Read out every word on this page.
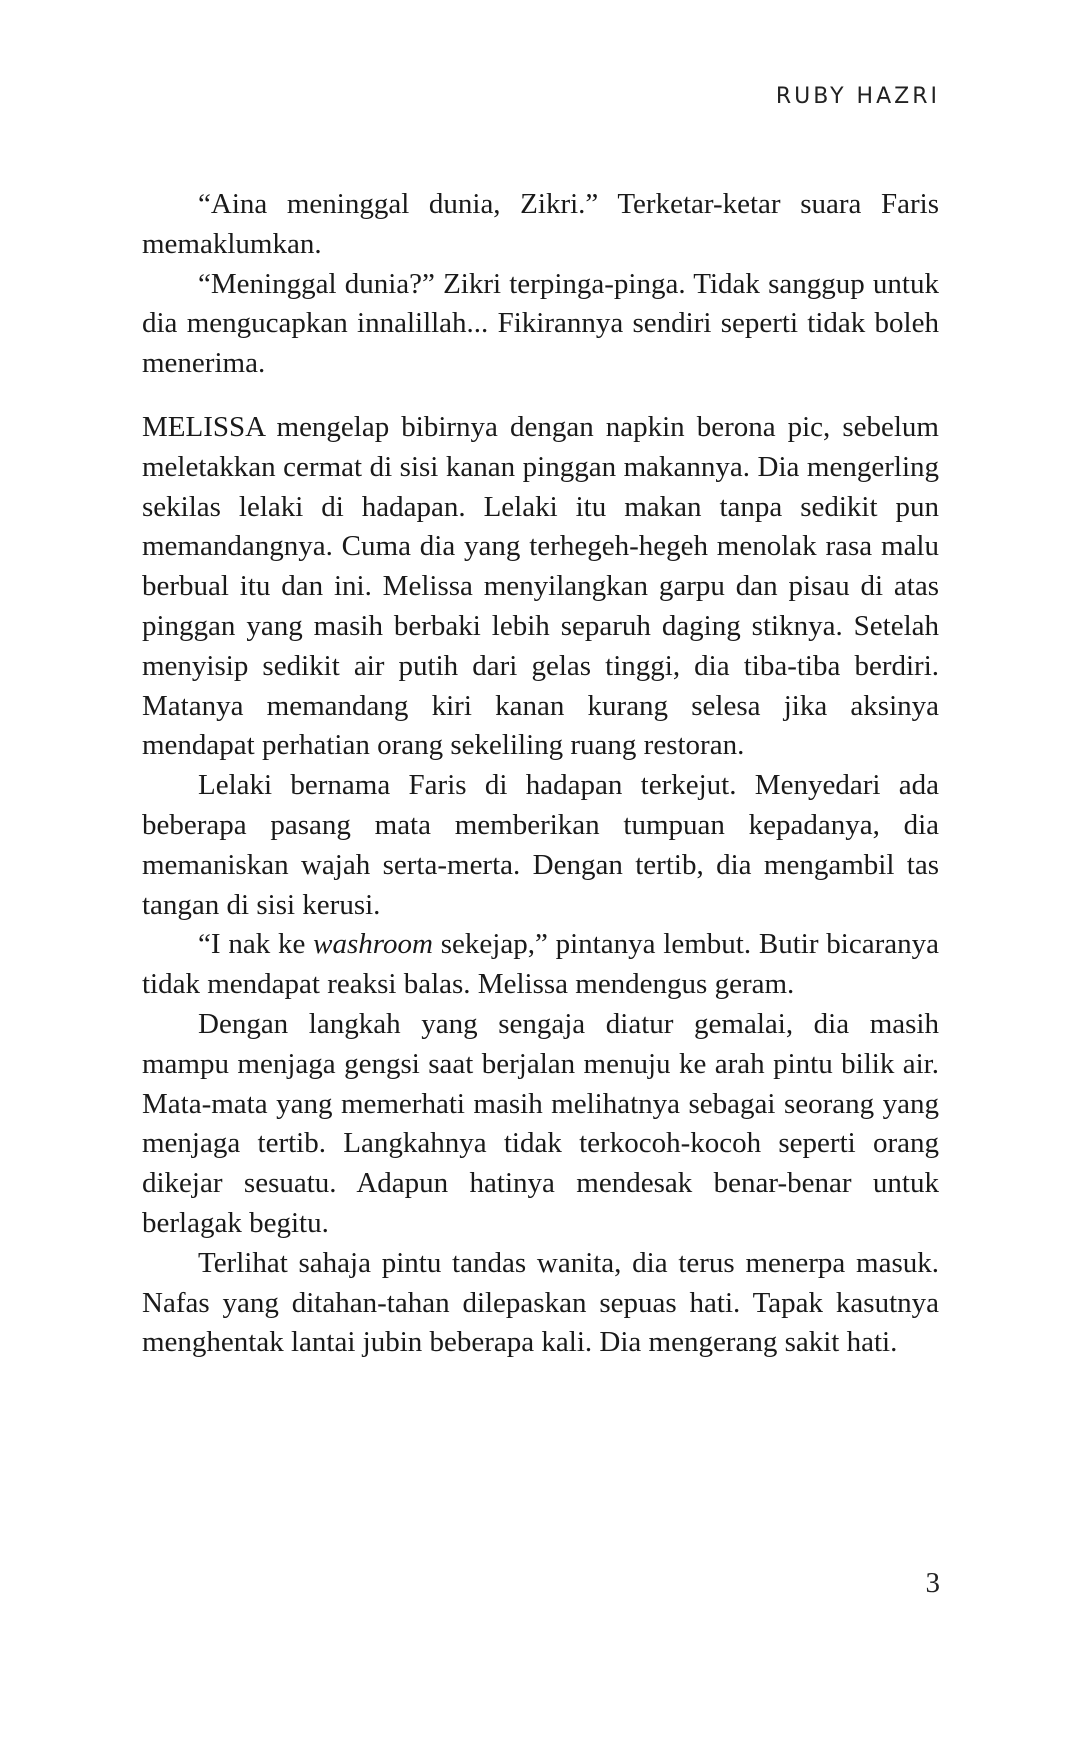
RUBY HAZRI

“Aina meninggal dunia, Zikri.” Terketar-ketar suara Faris memaklumkan.

“Meninggal dunia?” Zikri terpinga-pinga. Tidak sanggup untuk dia mengucapkan innalillah... Fikirannya sendiri seperti tidak boleh menerima.

MELISSA mengelap bibirnya dengan napkin berona pic, sebelum meletakkan cermat di sisi kanan pinggan makannya. Dia mengerling sekilas lelaki di hadapan. Lelaki itu makan tanpa sedikit pun memandangnya. Cuma dia yang terhegeh-hegeh menolak rasa malu berbual itu dan ini. Melissa menyilangkan garpu dan pisau di atas pinggan yang masih berbaki lebih separuh daging stiknya. Setelah menyisip sedikit air putih dari gelas tinggi, dia tiba-tiba berdiri. Matanya memandang kiri kanan kurang selesa jika aksinya mendapat perhatian orang sekeliling ruang restoran.

Lelaki bernama Faris di hadapan terkejut. Menyedari ada beberapa pasang mata memberikan tumpuan kepadanya, dia memaniskan wajah serta-merta. Dengan tertib, dia mengambil tas tangan di sisi kerusi.

“I nak ke washroom sekejap,” pintanya lembut. Butir bicaranya tidak mendapat reaksi balas. Melissa mendengus geram.

Dengan langkah yang sengaja diatur gemalai, dia masih mampu menjaga gengsi saat berjalan menuju ke arah pintu bilik air. Mata-mata yang memerhati masih melihatnya sebagai seorang yang menjaga tertib. Langkahnya tidak terkocoh-kocoh seperti orang dikejar sesuatu. Adapun hatinya mendesak benar-benar untuk berlagak begitu.

Terlihat sahaja pintu tandas wanita, dia terus menerpa masuk. Nafas yang ditahan-tahan dilepaskan sepuas hati. Tapak kasutnya menghentak lantai jubin beberapa kali. Dia mengerang sakit hati.

3
